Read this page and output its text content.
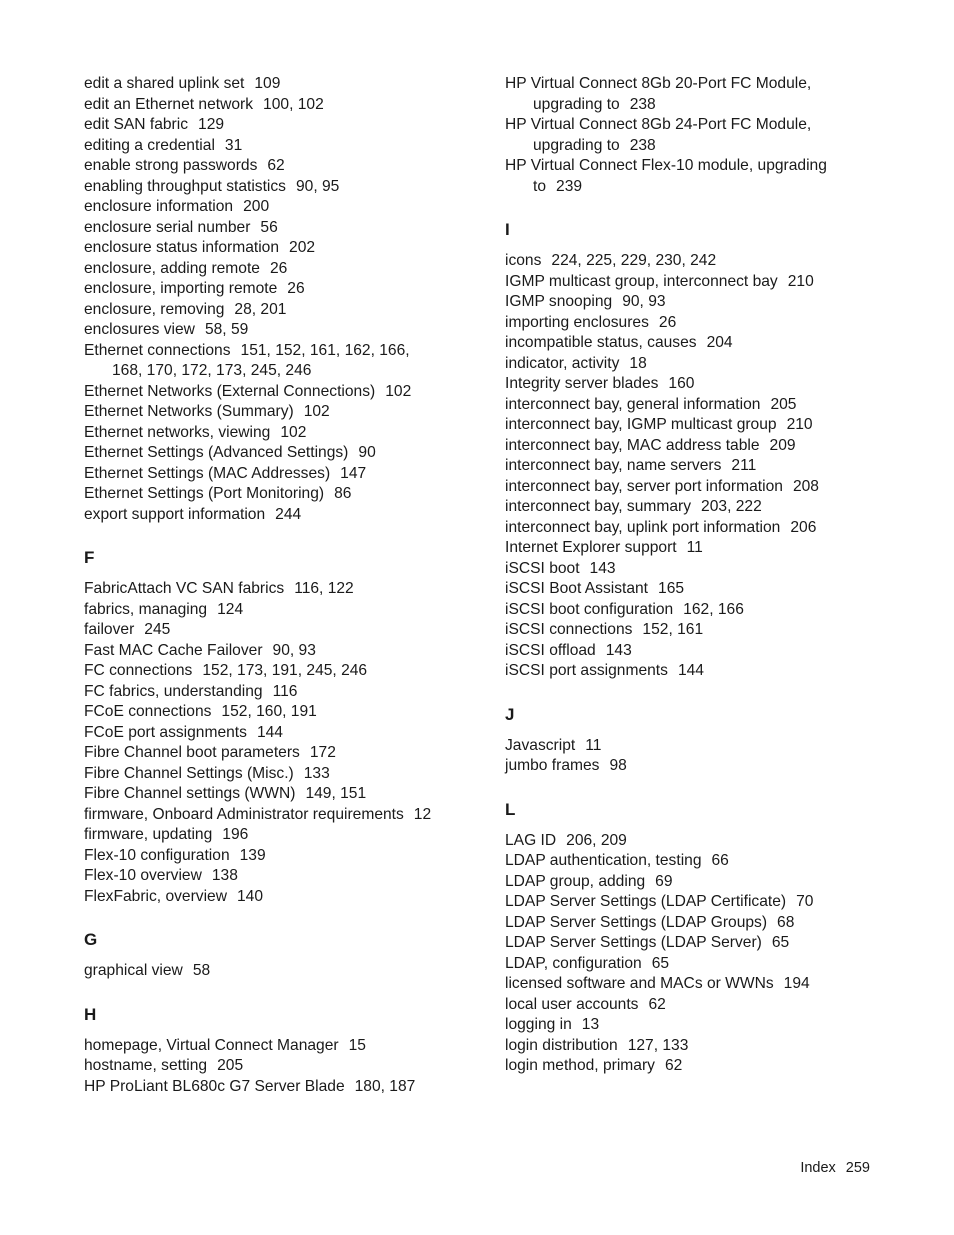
edit a shared uplink set 109
edit an Ethernet network 100, 102
edit SAN fabric 129
editing a credential 31
enable strong passwords 62
enabling throughput statistics 90, 95
enclosure information 200
enclosure serial number 56
enclosure status information 202
enclosure, adding remote 26
enclosure, importing remote 26
enclosure, removing 28, 201
enclosures view 58, 59
Ethernet connections 151, 152, 161, 162, 166, 168, 170, 172, 173, 245, 246
Ethernet Networks (External Connections) 102
Ethernet Networks (Summary) 102
Ethernet networks, viewing 102
Ethernet Settings (Advanced Settings) 90
Ethernet Settings (MAC Addresses) 147
Ethernet Settings (Port Monitoring) 86
export support information 244
F
FabricAttach VC SAN fabrics 116, 122
fabrics, managing 124
failover 245
Fast MAC Cache Failover 90, 93
FC connections 152, 173, 191, 245, 246
FC fabrics, understanding 116
FCoE connections 152, 160, 191
FCoE port assignments 144
Fibre Channel boot parameters 172
Fibre Channel Settings (Misc.) 133
Fibre Channel settings (WWN) 149, 151
firmware, Onboard Administrator requirements 12
firmware, updating 196
Flex-10 configuration 139
Flex-10 overview 138
FlexFabric, overview 140
G
graphical view 58
H
homepage, Virtual Connect Manager 15
hostname, setting 205
HP ProLiant BL680c G7 Server Blade 180, 187
HP Virtual Connect 8Gb 20-Port FC Module, upgrading to 238
HP Virtual Connect 8Gb 24-Port FC Module, upgrading to 238
HP Virtual Connect Flex-10 module, upgrading to 239
I
icons 224, 225, 229, 230, 242
IGMP multicast group, interconnect bay 210
IGMP snooping 90, 93
importing enclosures 26
incompatible status, causes 204
indicator, activity 18
Integrity server blades 160
interconnect bay, general information 205
interconnect bay, IGMP multicast group 210
interconnect bay, MAC address table 209
interconnect bay, name servers 211
interconnect bay, server port information 208
interconnect bay, summary 203, 222
interconnect bay, uplink port information 206
Internet Explorer support 11
iSCSI boot 143
iSCSI Boot Assistant 165
iSCSI boot configuration 162, 166
iSCSI connections 152, 161
iSCSI offload 143
iSCSI port assignments 144
J
Javascript 11
jumbo frames 98
L
LAG ID 206, 209
LDAP authentication, testing 66
LDAP group, adding 69
LDAP Server Settings (LDAP Certificate) 70
LDAP Server Settings (LDAP Groups) 68
LDAP Server Settings (LDAP Server) 65
LDAP, configuration 65
licensed software and MACs or WWNs 194
local user accounts 62
logging in 13
login distribution 127, 133
login method, primary 62
Index 259
